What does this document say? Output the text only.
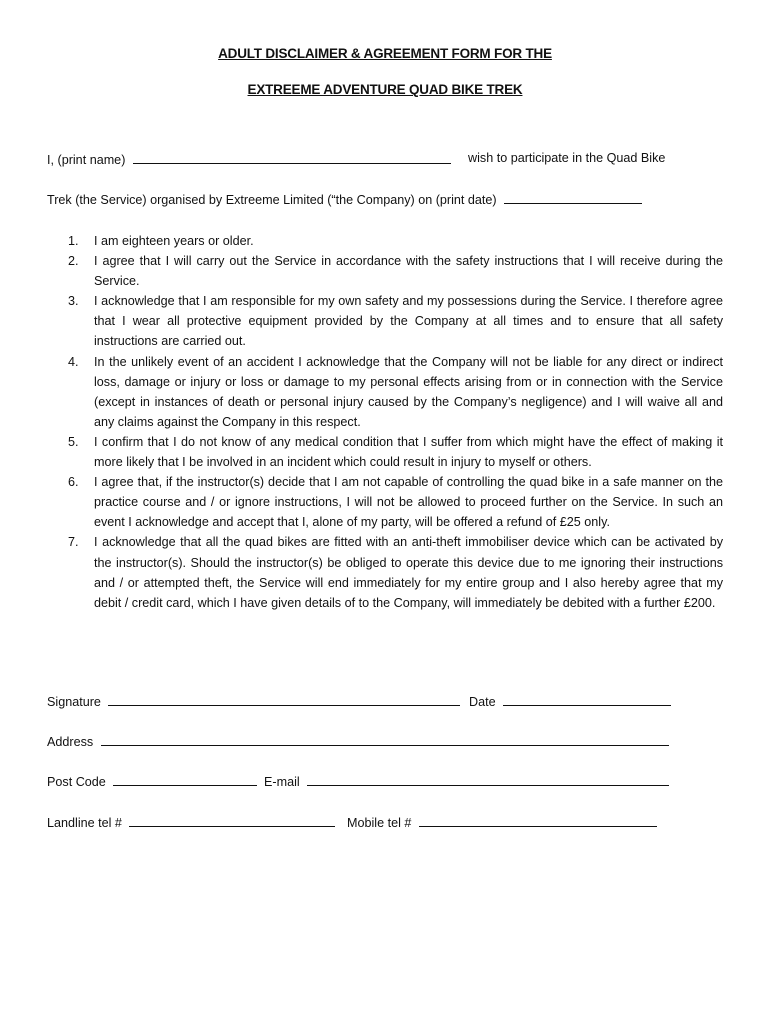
ADULT DISCLAIMER & AGREEMENT FORM FOR THE
EXTREEME ADVENTURE QUAD BIKE TREK
I, (print name)	wish to participate in the Quad Bike
Trek (the Service) organised by Extreeme Limited (“the Company) on (print date)
1. I am eighteen years or older.
2. I agree that I will carry out the Service in accordance with the safety instructions that I will receive during the Service.
3. I acknowledge that I am responsible for my own safety and my possessions during the Service. I therefore agree that I wear all protective equipment provided by the Company at all times and to ensure that all safety instructions are carried out.
4. In the unlikely event of an accident I acknowledge that the Company will not be liable for any direct or indirect loss, damage or injury or loss or damage to my personal effects arising from or in connection with the Service (except in instances of death or personal injury caused by the Company’s negligence) and I will waive all and any claims against the Company in this respect.
5. I confirm that I do not know of any medical condition that I suffer from which might have the effect of making it more likely that I be involved in an incident which could result in injury to myself or others.
6. I agree that, if the instructor(s) decide that I am not capable of controlling the quad bike in a safe manner on the practice course and / or ignore instructions, I will not be allowed to proceed further on the Service. In such an event I acknowledge and accept that I, alone of my party, will be offered a refund of £25 only.
7. I acknowledge that all the quad bikes are fitted with an anti-theft immobiliser device which can be activated by the instructor(s). Should the instructor(s) be obliged to operate this device due to me ignoring their instructions and / or attempted theft, the Service will end immediately for my entire group and I also hereby agree that my debit / credit card, which I have given details of to the Company, will immediately be debited with a further £200.
Signature	Date
Address
Post Code	E-mail
Landline tel #	Mobile tel #
